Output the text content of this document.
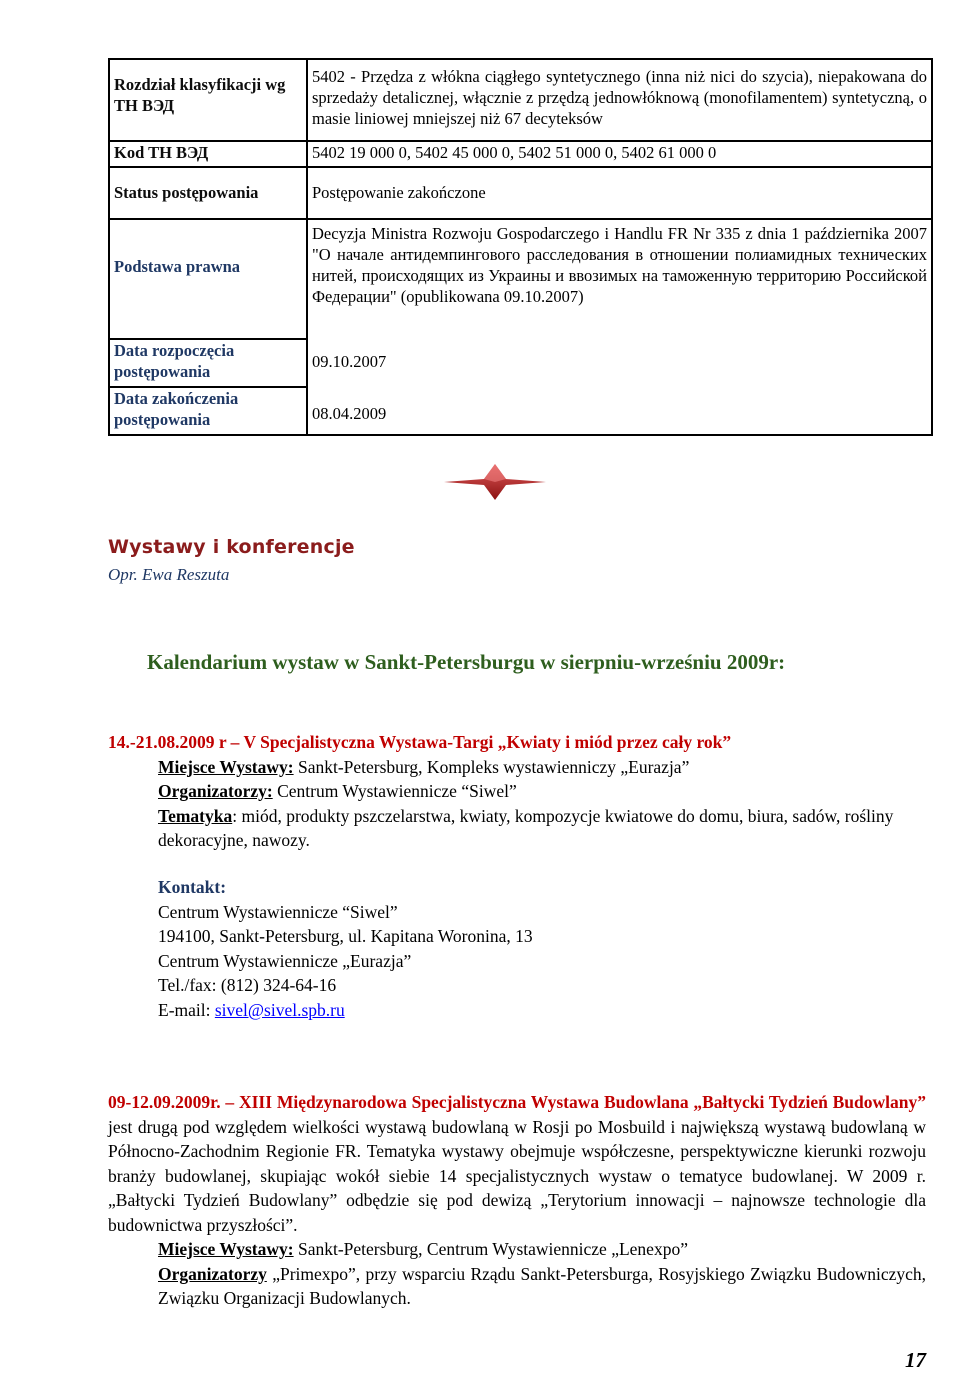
Rozdział klasyfikacji wg TH BЭД	5402 - Przędza z włókna ciągłego syntetycznego (inna niż nici do szycia), niepakowana do sprzedaży detalicznej, włącznie z przędzą jednowłóknową (monofilamentem) syntetyczną, o masie liniowej mniejszej niż 67 decyteksów
Kod TH ВЭД	5402 19 000 0, 5402 45 000 0, 5402 51 000 0, 5402 61 000 0
Status postępowania	Postępowanie zakończone

Podstawa prawna	Decyzja Ministra Rozwoju Gospodarczego i Handlu FR Nr 335 z dnia 1 października 2007 "О начале антидемпингового расследования в отношении полиамидных технических нитей, происходящих из Украины и ввозимых на таможенную территорию Российской Федерации" (opublikowana 09.10.2007)
Data rozpoczęcia postępowania	09.10.2007

Data zakończenia postępowania	08.04.2009
Wystawy i konferencje
Opr. Ewa Reszuta
Kalendarium wystaw w Sankt-Petersburgu w sierpniu-wrześniu 2009r:
14.-21.08.2009 r – V Specjalistyczna Wystawa-Targi „Kwiaty i miód przez cały rok”
Miejsce Wystawy: Sankt-Petersburg, Kompleks wystawienniczy „Eurazja”
Organizatorzy: Centrum Wystawiennicze “Siwel”
Tematyka: miód, produkty pszczelarstwa, kwiaty, kompozycje kwiatowe do domu, biura, sadów, rośliny dekoracyjne, nawozy.
Kontakt:
Centrum Wystawiennicze “Siwel”
194100, Sankt-Petersburg, ul. Kapitana Woronina, 13
Centrum Wystawiennicze „Eurazja”
Tel./fax: (812) 324-64-16
E-mail: sivel@sivel.spb.ru
09-12.09.2009r. – XIII Międzynarodowa Specjalistyczna Wystawa Budowlana „Bałtycki Tydzień Budowlany” jest drugą pod względem wielkości wystawą budowlaną w Rosji po Mosbuild i największą wystawą budowlaną w Północno-Zachodnim Regionie FR. Tematyka wystawy obejmuje współczesne, perspektywiczne kierunki rozwoju branży budowlanej, skupiając wokół siebie 14 specjalistycznych wystaw o tematyce budowlanej. W 2009 r. „Bałtycki Tydzień Budowlany” odbędzie się pod dewizą „Terytorium innowacji – najnowsze technologie dla budownictwa przyszłości”.
Miejsce Wystawy: Sankt-Petersburg, Centrum Wystawiennicze „Lenexpo”
Organizatorzy „Primexpo”, przy wsparciu Rządu Sankt-Petersburga, Rosyjskiego Związku Budowniczych, Związku Organizacji Budowlanych.
17
